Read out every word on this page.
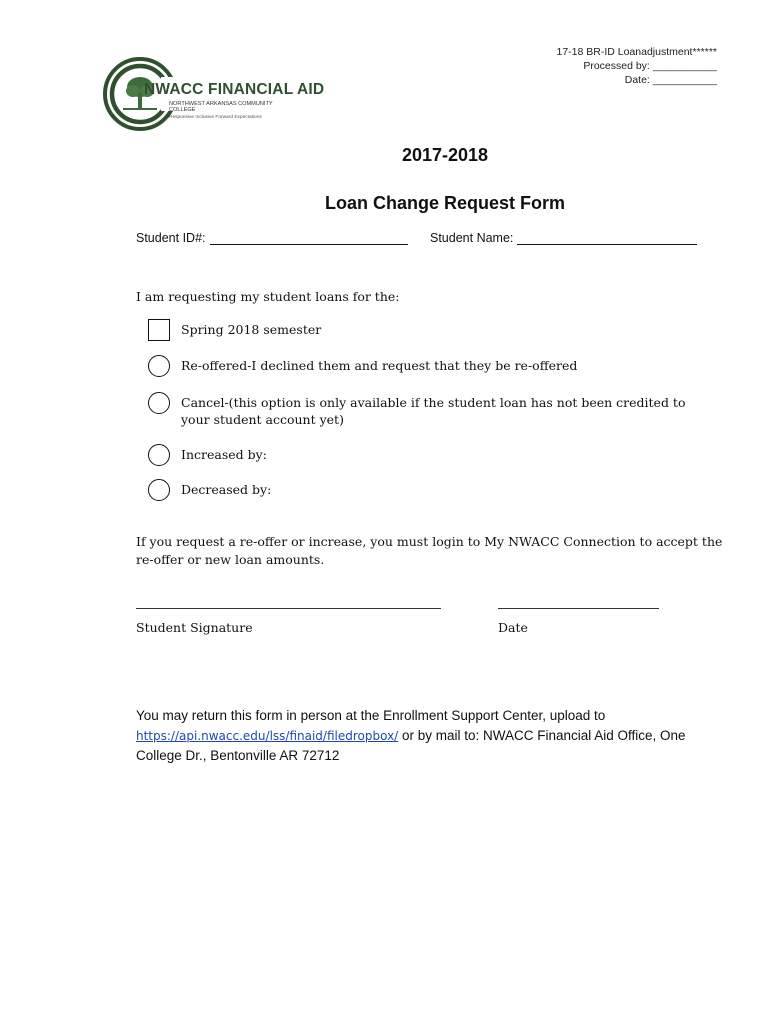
17-18 BR-ID Loanadjustment******
Processed by: ___________
Date: ___________
NWACC FINANCIAL AID
NORTHWEST ARKANSAS COMMUNITY COLLEGE
Responsive Inclusive Forward Expectations
2017-2018
Loan Change Request Form
Student ID#:	Student Name:
I am requesting my student loans for the:
Spring 2018 semester
Re-offered-I declined them and request that they be re-offered
Cancel-(this option is only available if the student loan has not been credited to your student account yet)
Increased by:
Decreased by:
If you request a re-offer or increase, you must login to My NWACC Connection to accept the re-offer or new loan amounts.
Student Signature	Date
You may return this form in person at the Enrollment Support Center, upload to https://api.nwacc.edu/lss/finaid/filedropbox/ or by mail to: NWACC Financial Aid Office, One College Dr., Bentonville AR 72712
